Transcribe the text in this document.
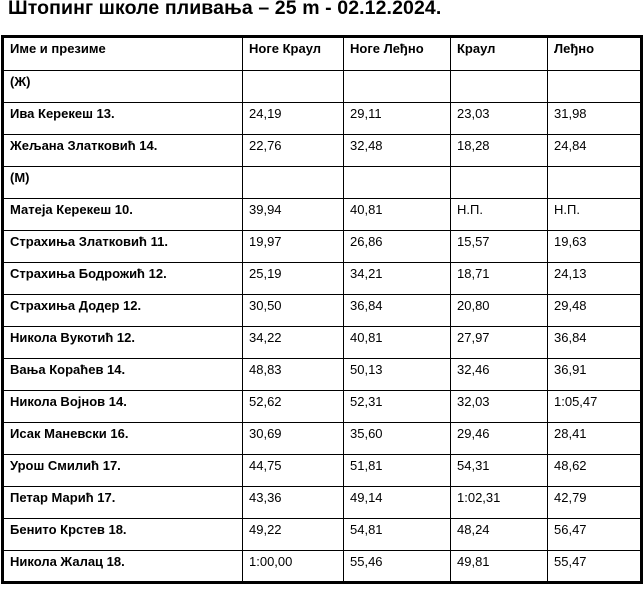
Штопинг школе пливања – 25 m - 02.12.2024.
Име и презиме	Ноге Краул	Ноге Леђно	Краул	Леђно
(Ж)				
Ива Керекеш 13.	24,19	29,11	23,03	31,98
Жељана Златковић 14.	22,76	32,48	18,28	24,84
(М)				
Матеја Керекеш 10.	39,94	40,81	Н.П.	Н.П.
Страхиња Златковић 11.	19,97	26,86	15,57	19,63
Страхиња Бодрожић 12.	25,19	34,21	18,71	24,13
Страхиња Додер 12.	30,50	36,84	20,80	29,48
Никола Вукотић 12.	34,22	40,81	27,97	36,84
Вања Кораћев 14.	48,83	50,13	32,46	36,91
Никола Војнов 14.	52,62	52,31	32,03	1:05,47
Исак Маневски 16.	30,69	35,60	29,46	28,41
Урош Смилић 17.	44,75	51,81	54,31	48,62
Петар Марић 17.	43,36	49,14	1:02,31	42,79
Бенито Крстев 18.	49,22	54,81	48,24	56,47
Никола Жалац 18.	1:00,00	55,46	49,81	55,47
